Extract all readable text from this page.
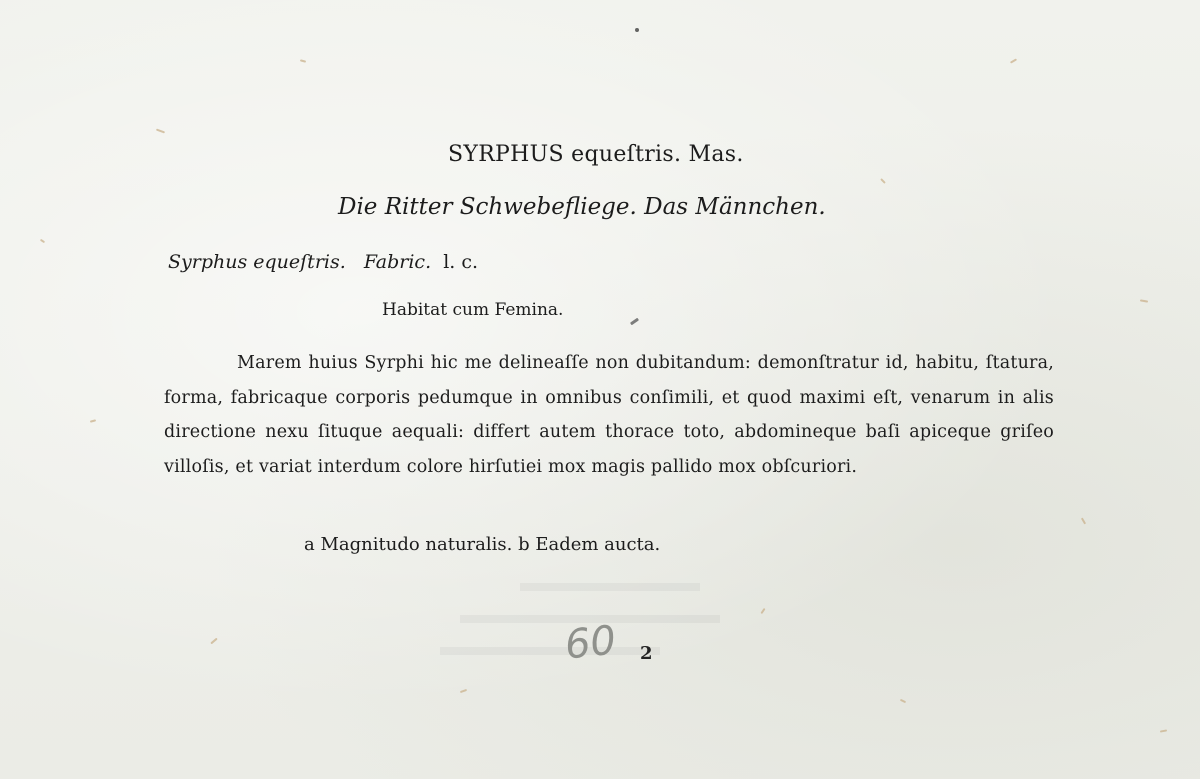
SYRPHUS equeſtris. Mas.
Die Ritter Schwebefliege. Das Männchen.
Syrphus equeſtris. Fabric. l. c.
Habitat cum Femina.
Marem huius Syrphi hic me delineaſſe non dubitandum: demonſtratur id, habitu, ſtatura, forma, fabricaque corporis pedumque in omnibus conſimili, et quod maximi eſt, venarum in alis directione nexu ſituque aequali: differt autem thorace toto, abdomineque baſi apiceque griſeo villoſis, et variat interdum colore hirſutiei mox magis pallido mox obſcuriori.
a Magnitudo naturalis. b Eadem aucta.
60 2
